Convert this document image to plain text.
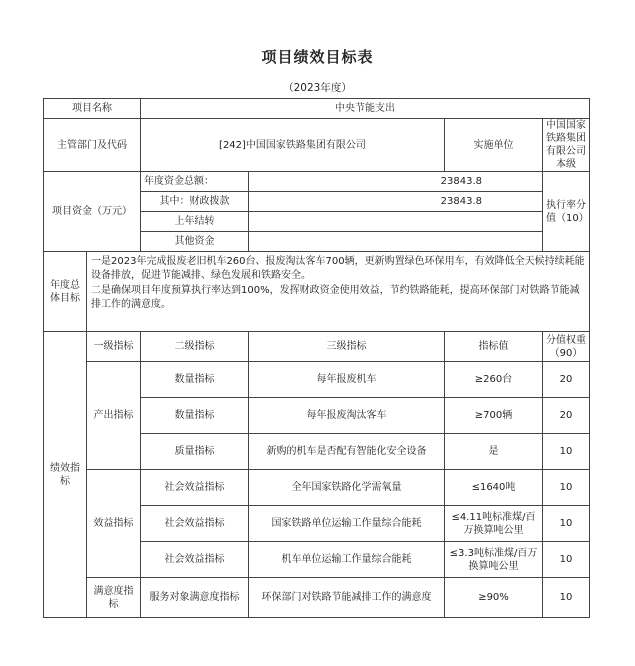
项目绩效目标表
（2023年度）
项目名称		中央节能支出			
主管部门及代码		[242]中国国家铁路集团有限公司		实施单位	中国国家铁路集团有限公司本级
项目资金（万元）		年度资金总额：	23843.8		执行率分值（10）
		其中：财政拨款	23843.8		
		上年结转			
		其他资金			
年度总体目标	一是2023年完成报废老旧机车260台、报废淘汰客车700辆，更新购置绿色环保用车，有效降低全天候持续耗能设备排放，促进节能减排、绿色发展和铁路安全。

二是确保项目年度预算执行率达到100%，发挥财政资金使用效益，节约铁路能耗，提高环保部门对铁路节能减排工作的满意度。				

绩效指标	一级指标	二级指标	三级指标	指标值	分值权重（90）
	产出指标	数量指标	每年报废机车	≥260台	20
		数量指标	每年报废淘汰客车	≥700辆	20
		质量指标	新购的机车是否配有智能化安全设备	是	10
	效益指标	社会效益指标	全年国家铁路化学需氧量	≤1640吨	10
		社会效益指标	国家铁路单位运输工作量综合能耗	≤4.11吨标准煤/百万换算吨公里	10
		社会效益指标	机车单位运输工作量综合能耗	≤3.3吨标准煤/百万换算吨公里	10
	满意度指标	服务对象满意度指标	环保部门对铁路节能减排工作的满意度	≥90%	10
